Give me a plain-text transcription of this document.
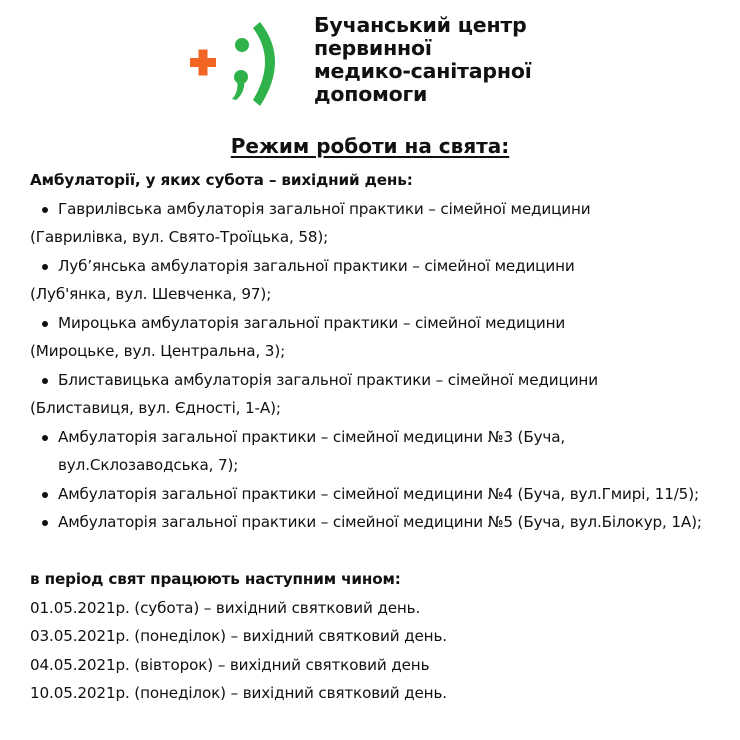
Бучанський центр
первинної
медико-санітарної
допомоги
Режим роботи на свята:
Амбулаторії, у яких субота – вихідний день:
Гаврилівська амбулаторія загальної практики – сімейної медицини
(Гаврилівка, вул. Свято-Троїцька, 58);
Луб’янська амбулаторія загальної практики – сімейної медицини
(Луб'янка, вул. Шевченка, 97);
Мироцька амбулаторія загальної практики – сімейної медицини
(Мироцьке, вул. Центральна, 3);
Блиставицька амбулаторія загальної практики – сімейної медицини
(Блиставиця, вул. Єдності, 1-А);
Амбулаторія загальної практики – сімейної медицини №3 (Буча,
вул.Склозаводська, 7);
Амбулаторія загальної практики – сімейної медицини №4 (Буча, вул.Гмирі, 11/5);
Амбулаторія загальної практики – сімейної медицини №5 (Буча, вул.Білокур, 1А);
в період свят працюють наступним чином:
01.05.2021р. (субота) – вихідний святковий день.
03.05.2021р. (понеділок) – вихідний святковий день.
04.05.2021р. (вівторок) – вихідний святковий день
10.05.2021р. (понеділок) – вихідний святковий день.
